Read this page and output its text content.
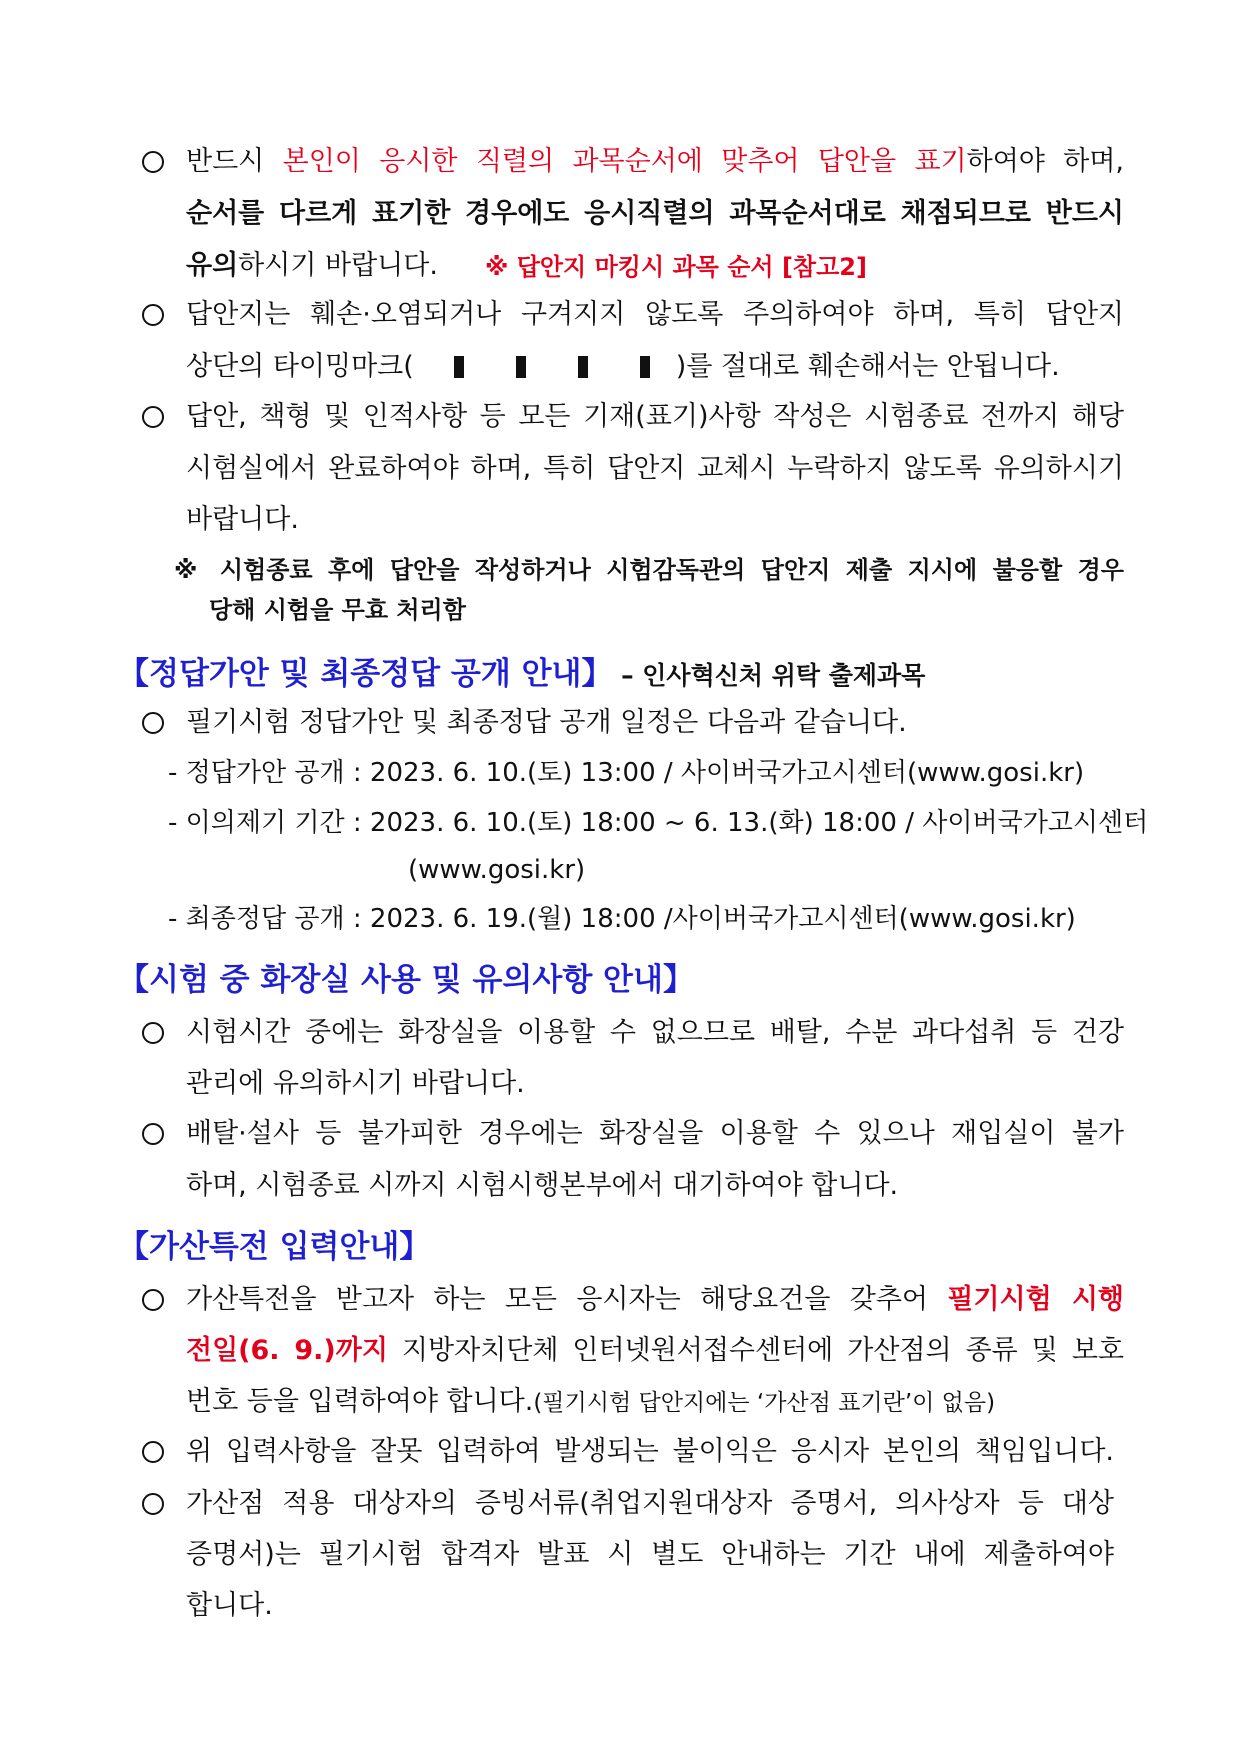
반드시 본인이 응시한 직렬의 과목순서에 맞추어 답안을 표기하여야 하며,
순서를 다르게 표기한 경우에도 응시직렬의 과목순서대로 채점되므로 반드시
유의하시기 바랍니다. ※ 답안지 마킹시 과목 순서 [참고2]
답안지는 훼손·오염되거나 구겨지지 않도록 주의하여야 하며, 특히 답안지
상단의 타이밍마크(	)를 절대로 훼손해서는 안됩니다.
답안, 책형 및 인적사항 등 모든 기재(표기)사항 작성은 시험종료 전까지 해당
시험실에서 완료하여야 하며, 특히 답안지 교체시 누락하지 않도록 유의하시기
바랍니다.
※ 시험종료 후에 답안을 작성하거나 시험감독관의 답안지 제출 지시에 불응할 경우
당해 시험을 무효 처리함
【정답가안 및 최종정답 공개 안내】 – 인사혁신처 위탁 출제과목
필기시험 정답가안 및 최종정답 공개 일정은 다음과 같습니다.
- 정답가안 공개 : 2023. 6. 10.(토) 13:00 / 사이버국가고시센터(www.gosi.kr)
- 이의제기 기간 : 2023. 6. 10.(토) 18:00 ~ 6. 13.(화) 18:00 / 사이버국가고시센터
(www.gosi.kr)
- 최종정답 공개 : 2023. 6. 19.(월) 18:00 /사이버국가고시센터(www.gosi.kr)
【시험 중 화장실 사용 및 유의사항 안내】
시험시간 중에는 화장실을 이용할 수 없으므로 배탈, 수분 과다섭취 등 건강
관리에 유의하시기 바랍니다.
배탈·설사 등 불가피한 경우에는 화장실을 이용할 수 있으나 재입실이 불가
하며, 시험종료 시까지 시험시행본부에서 대기하여야 합니다.
【가산특전 입력안내】
가산특전을 받고자 하는 모든 응시자는 해당요건을 갖추어 필기시험 시행
전일(6. 9.)까지 지방자치단체 인터넷원서접수센터에 가산점의 종류 및 보호
번호 등을 입력하여야 합니다.(필기시험 답안지에는 ‘가산점 표기란’이 없음)
위 입력사항을 잘못 입력하여 발생되는 불이익은 응시자 본인의 책임입니다.
가산점 적용 대상자의 증빙서류(취업지원대상자 증명서, 의사상자 등 대상
증명서)는 필기시험 합격자 발표 시 별도 안내하는 기간 내에 제출하여야
합니다.
